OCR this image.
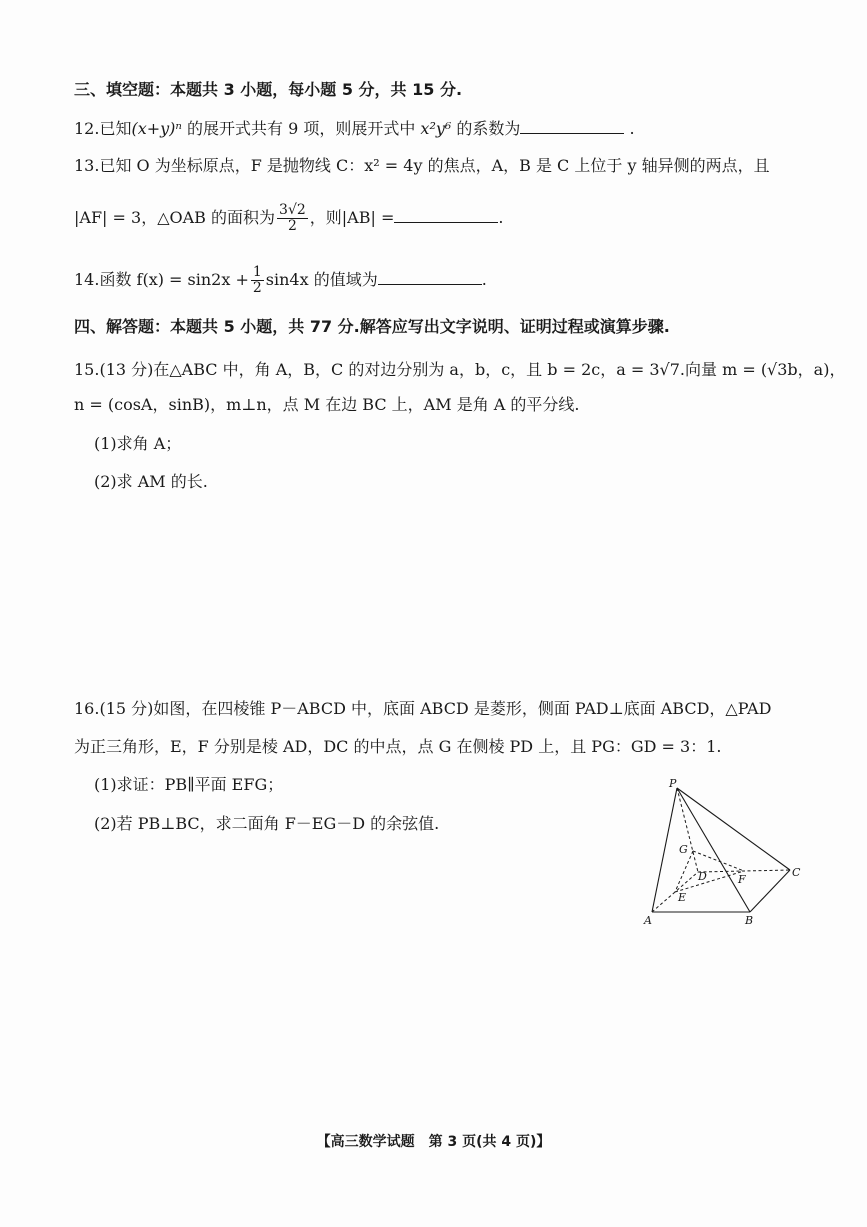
三、填空题：本题共 3 小题，每小题 5 分，共 15 分.
12.已知(x+y)ⁿ 的展开式共有 9 项，则展开式中 x²y⁶ 的系数为	.
13.已知 O 为坐标原点，F 是抛物线 C：x² = 4y 的焦点，A，B 是 C 上位于 y 轴异侧的两点，且
|AF| = 3，△OAB 的面积为 $\frac{3√2}{2}$ ，则|AB| =	.
14.函数 $f(x) = \sin 2x + \frac{1}{2} \sin 4x$ 的值域为	.
四、解答题：本题共 5 小题，共 77 分.解答应写出文字说明、证明过程或演算步骤.
15.(13 分)在△ABC 中，角 A，B，C 的对边分别为 a，b，c，且 b = 2c，a = 3√7.向量 m = (√3b，a)，
n = (cosA，sinB)，m⊥n，点 M 在边 BC 上，AM 是角 A 的平分线.
(1)求角 A；
(2)求 AM 的长.
16.(15 分)如图，在四棱锥 P－ABCD 中，底面 ABCD 是菱形，侧面 PAD⊥底面 ABCD，△PAD
为正三角形，E，F 分别是棱 AD，DC 的中点，点 G 在侧棱 PD 上，且 PG：GD = 3：1.
(1)求证：PB∥平面 EFG；
(2)若 PB⊥BC，求二面角 F－EG－D 的余弦值.
P
G
D	F
C
E
A	B
【高三数学试题　第 3 页(共 4 页)】
